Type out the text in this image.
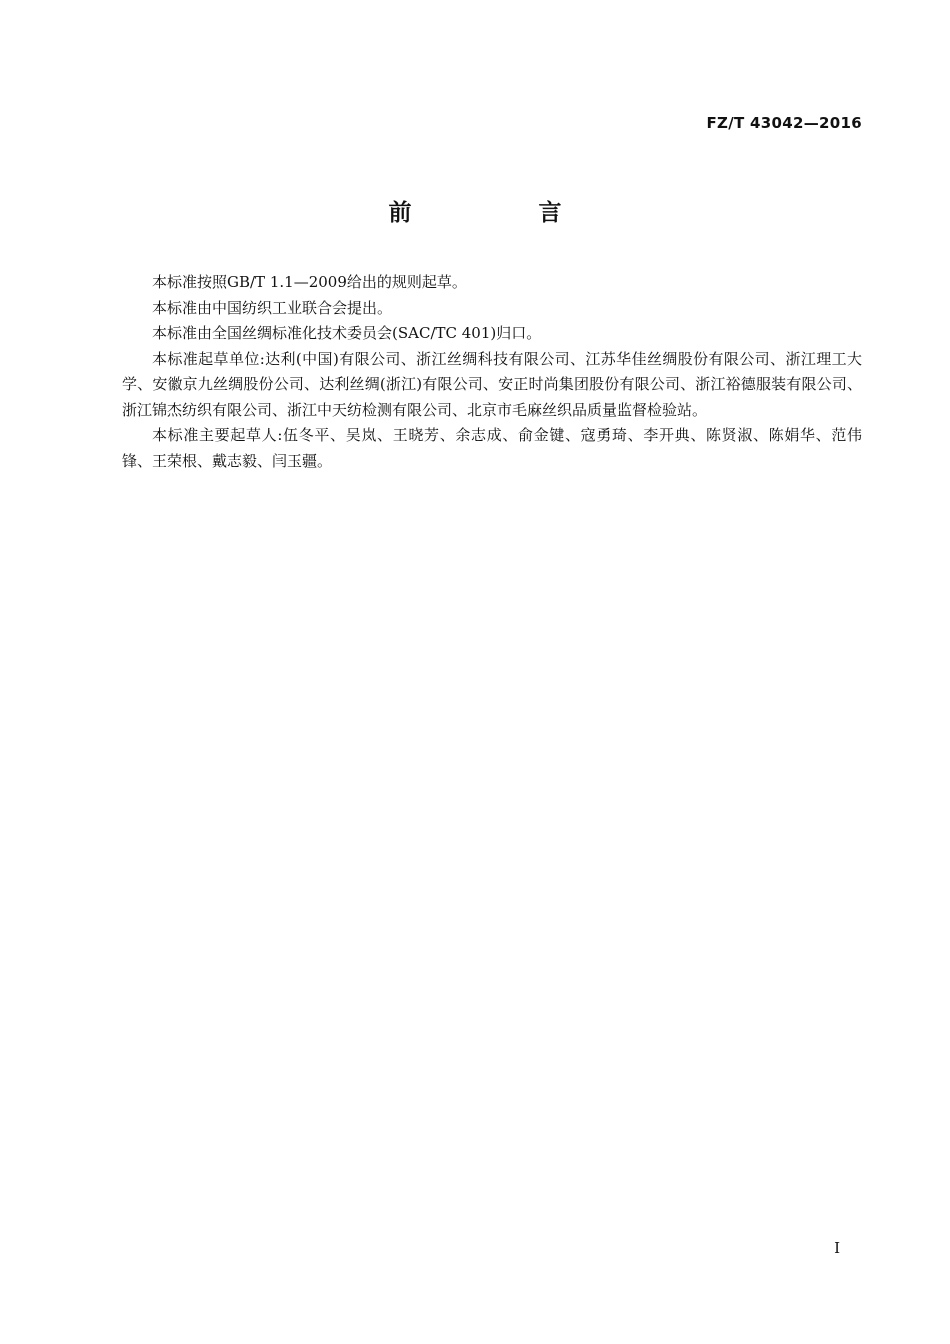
FZ/T 43042—2016
前　言

本标准按照GB/T 1.1—2009给出的规则起草。

本标准由中国纺织工业联合会提出。

本标准由全国丝绸标准化技术委员会(SAC/TC 401)归口。

本标准起草单位:达利(中国)有限公司、浙江丝绸科技有限公司、江苏华佳丝绸股份有限公司、浙江理工大学、安徽京九丝绸股份公司、达利丝绸(浙江)有限公司、安正时尚集团股份有限公司、浙江裕德服装有限公司、浙江锦杰纺织有限公司、浙江中天纺检测有限公司、北京市毛麻丝织品质量监督检验站。

本标准主要起草人:伍冬平、吴岚、王晓芳、余志成、俞金键、寇勇琦、李开典、陈贤淑、陈娟华、范伟锋、王荣根、戴志毅、闫玉疆。

I
